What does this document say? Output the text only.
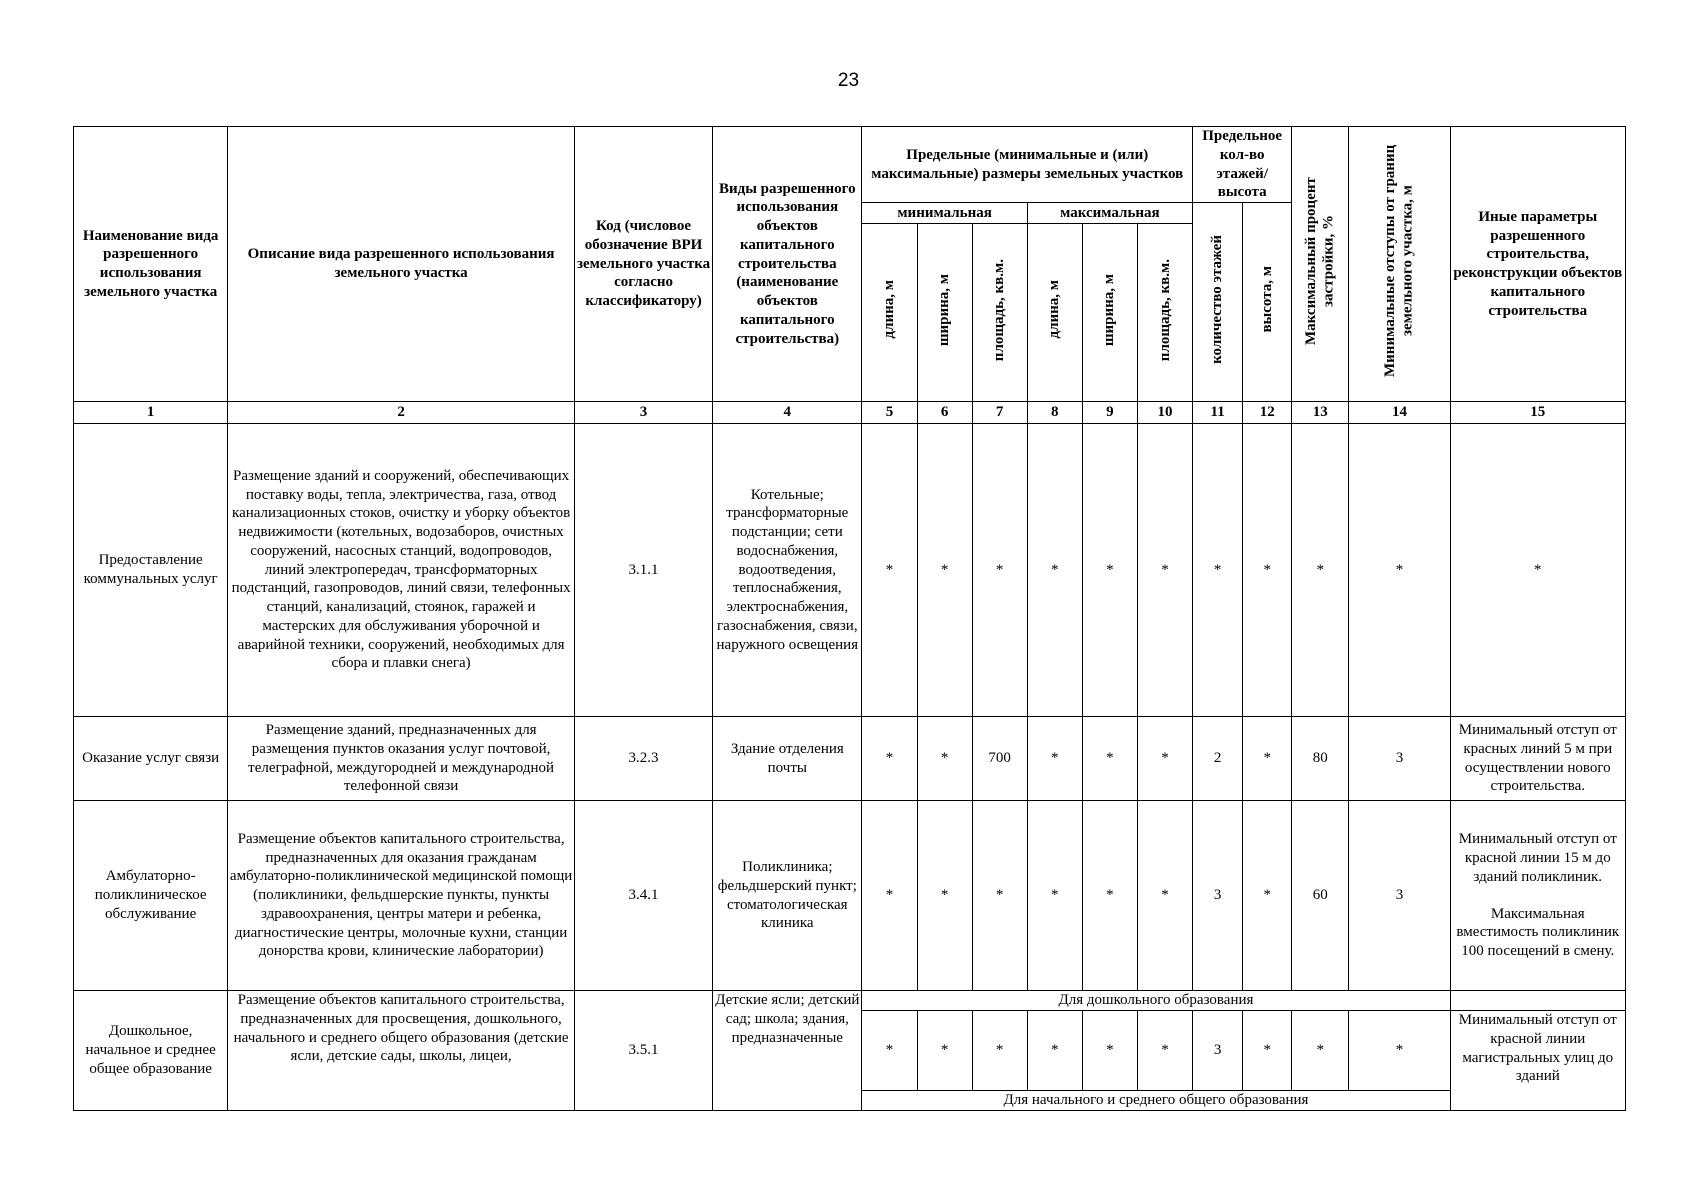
23
Наименование вида разрешенного использования земельного участка	Описание вида разрешенного использования земельного участка	Код (числовое обозначение ВРИ земельного участка согласно классификатору)	Виды разрешенного использования объектов капитального строительства (наименование объектов капитального строительства)	Предельные (минимальные и (или) максимальные) размеры земельных участков						Предельное кол-во этажей/ высота		Максимальный процент застройки, %	Минимальные отступы от границ земельного участка, м	Иные параметры разрешенного строительства, реконструкции объектов капитального строительства
				минимальная			максимальная			количество этажей	высота, м			
				длина, м	ширина, м	площадь, кв.м.	длина, м	ширина, м	площадь, кв.м.					
1	2	3	4	5	6	7	8	9	10	11	12	13	14	15
Предоставление коммунальных услуг	Размещение зданий и сооружений, обеспечивающих поставку воды, тепла, электричества, газа, отвод канализационных стоков, очистку и уборку объектов недвижимости (котельных, водозаборов, очистных сооружений, насосных станций, водопроводов, линий электропередач, трансформаторных подстанций, газопроводов, линий связи, телефонных станций, канализаций, стоянок, гаражей и мастерских для обслуживания уборочной и аварийной техники, сооружений, необходимых для сбора и плавки снега)	3.1.1	Котельные; трансформаторные подстанции; сети водоснабжения, водоотведения, теплоснабжения, электроснабжения, газоснабжения, связи, наружного освещения	*	*	*	*	*	*	*	*	*	*	*
Оказание услуг связи	Размещение зданий, предназначенных для размещения пунктов оказания услуг почтовой, телеграфной, междугородней и международной телефонной связи	3.2.3	Здание отделения почты	*	*	700	*	*	*	2	*	80	3	Минимальный отступ от красных линий 5 м при осуществлении нового строительства.
Амбулаторно-поликлиническое обслуживание	Размещение объектов капитального строительства, предназначенных для оказания гражданам амбулаторно-поликлинической медицинской помощи (поликлиники, фельдшерские пункты, пункты здравоохранения, центры матери и ребенка, диагностические центры, молочные кухни, станции донорства крови, клинические лаборатории)	3.4.1	Поликлиника; фельдшерский пункт; стоматологическая клиника	*	*	*	*	*	*	3	*	60	3	Минимальный отступ от красной линии 15 м до зданий поликлиник.
Максимальная вместимость поликлиник 100 посещений в смену.

Дошкольное, начальное и среднее общее образование	Размещение объектов капитального строительства, предназначенных для просвещения, дошкольного, начального и среднего общего образования (детские ясли, детские сады, школы, лицеи,	3.5.1	Детские ясли; детский сад; школа; здания, предназначенные	Для дошкольного образования										
				*	*	*	*	*	*	3	*	*	*	Минимальный отступ от красной линии магистральных улиц до зданий
				Для начального и среднего общего образования										
